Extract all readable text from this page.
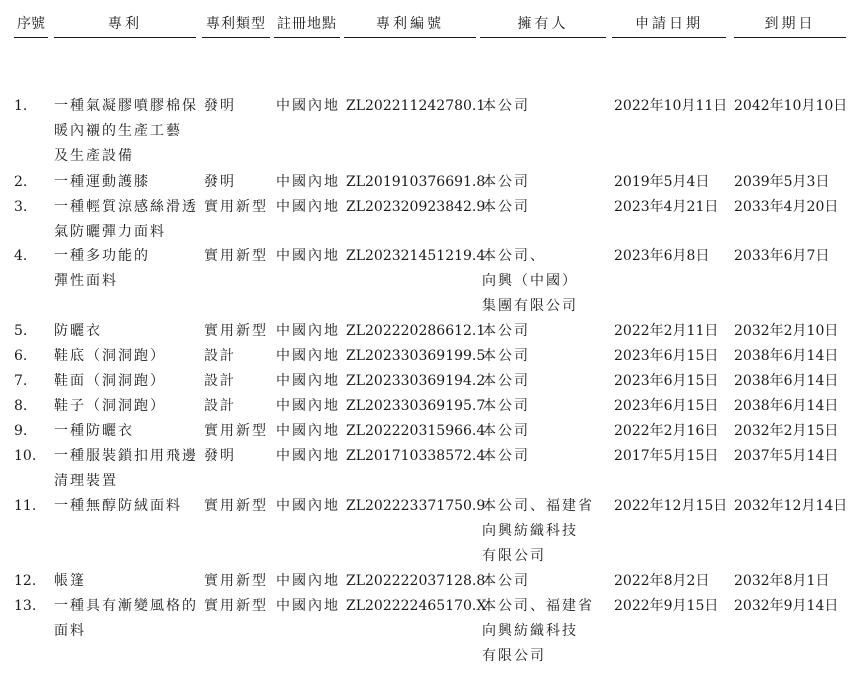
序號	專利	專利類型 註冊地點	專利編號	擁有人	申請日期	到期日
1.	一種氣凝膠噴膠棉保
暖內襯的生產工藝
及生產設備
發明	中國內地 ZL202211242780.1
本公司	2022年10月11日 2042年10月10日
2.	一種運動護膝	發明	中國內地 ZL201910376691.8
本公司	2019年5月4日	2039年5月3日
3.	一種輕質涼感絲滑透
氣防曬彈力面料
實用新型 中國內地 ZL202320923842.9
本公司	2023年4月21日	2033年4月20日
4.	一種多功能的
彈性面料
實用新型 中國內地 ZL202321451219.4
本公司、
向興（中國）
集團有限公司
2023年6月8日	2033年6月7日
5.	防曬衣	實用新型 中國內地 ZL202220286612.1
本公司	2022年2月11日	2032年2月10日
6.	鞋底（洞洞跑）	設計	中國內地 ZL202330369199.5
本公司	2023年6月15日	2038年6月14日
7.	鞋面（洞洞跑）	設計	中國內地 ZL202330369194.2
本公司	2023年6月15日	2038年6月14日
8.	鞋子（洞洞跑）	設計	中國內地 ZL202330369195.7
本公司	2023年6月15日	2038年6月14日
9.	一種防曬衣	實用新型 中國內地 ZL202220315966.4
本公司	2022年2月16日	2032年2月15日
10.	一種服裝鎖扣用飛邊
清理裝置
發明	中國內地 ZL201710338572.4
本公司	2017年5月15日	2037年5月14日
11.	一種無醇防絨面料	實用新型 中國內地 ZL202223371750.9
本公司、福建省
向興紡織科技
有限公司
2022年12月15日 2032年12月14日
12.	帳篷	實用新型 中國內地 ZL202222037128.8
本公司	2022年8月2日	2032年8月1日
13.	一種具有漸變風格的
面料
實用新型 中國內地 ZL202222465170.X
本公司、福建省
向興紡織科技
有限公司
2022年9月15日	2032年9月14日
